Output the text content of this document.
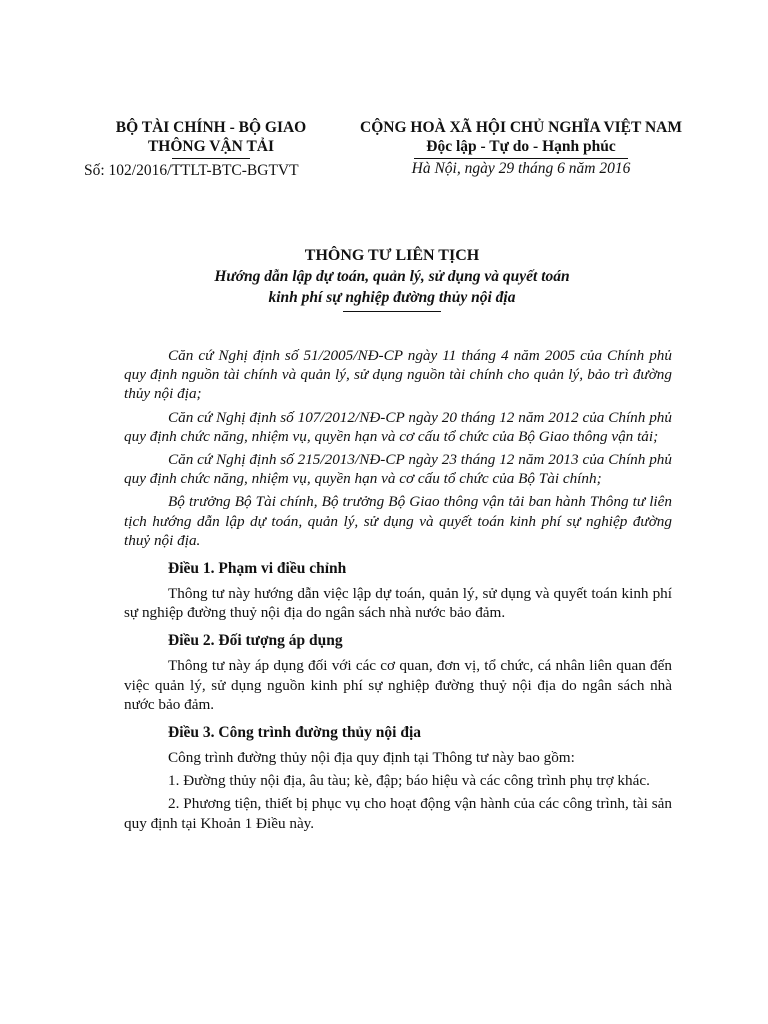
BỘ TÀI CHÍNH - BỘ GIAO

THÔNG VẬN TẢI

Số: 102/2016/TTLT-BTC-BGTVT

CỘNG HOÀ XÃ HỘI CHỦ NGHĨA VIỆT NAM

Độc lập - Tự do - Hạnh phúc

Hà Nội, ngày 29 tháng 6 năm 2016

THÔNG TƯ LIÊN TỊCH

Hướng dẫn lập dự toán, quản lý, sử dụng và quyết toán

kinh phí sự nghiệp đường thủy nội địa

Căn cứ Nghị định số 51/2005/NĐ-CP ngày 11 tháng 4 năm 2005 của Chính phủ quy định nguồn tài chính và quản lý, sử dụng nguồn tài chính cho quản lý, bảo trì đường thủy nội địa;

Căn cứ Nghị định số 107/2012/NĐ-CP ngày 20 tháng 12 năm 2012 của Chính phủ quy định chức năng, nhiệm vụ, quyền hạn và cơ cấu tổ chức của Bộ Giao thông vận tải;

Căn cứ Nghị định số 215/2013/NĐ-CP ngày 23 tháng 12 năm 2013 của Chính phủ quy định chức năng, nhiệm vụ, quyền hạn và cơ cấu tổ chức của Bộ Tài chính;

Bộ trưởng Bộ Tài chính, Bộ trưởng Bộ Giao thông vận tải ban hành Thông tư liên tịch hướng dẫn lập dự toán, quản lý, sử dụng và quyết toán kinh phí sự nghiệp đường thuỷ nội địa.

Điều 1. Phạm vi điều chỉnh

Thông tư này hướng dẫn việc lập dự toán, quản lý, sử dụng và quyết toán kinh phí sự nghiệp đường thuỷ nội địa do ngân sách nhà nước bảo đảm.

Điều 2. Đối tượng áp dụng

Thông tư này áp dụng đối với các cơ quan, đơn vị, tổ chức, cá nhân liên quan đến việc quản lý, sử dụng nguồn kinh phí sự nghiệp đường thuỷ nội địa do ngân sách nhà nước bảo đảm.

Điều 3. Công trình đường thủy nội địa

Công trình đường thủy nội địa quy định tại Thông tư này bao gồm:

1. Đường thủy nội địa, âu tàu; kè, đập; báo hiệu và các công trình phụ trợ khác.

2. Phương tiện, thiết bị phục vụ cho hoạt động vận hành của các công trình, tài sản quy định tại Khoản 1 Điều này.
